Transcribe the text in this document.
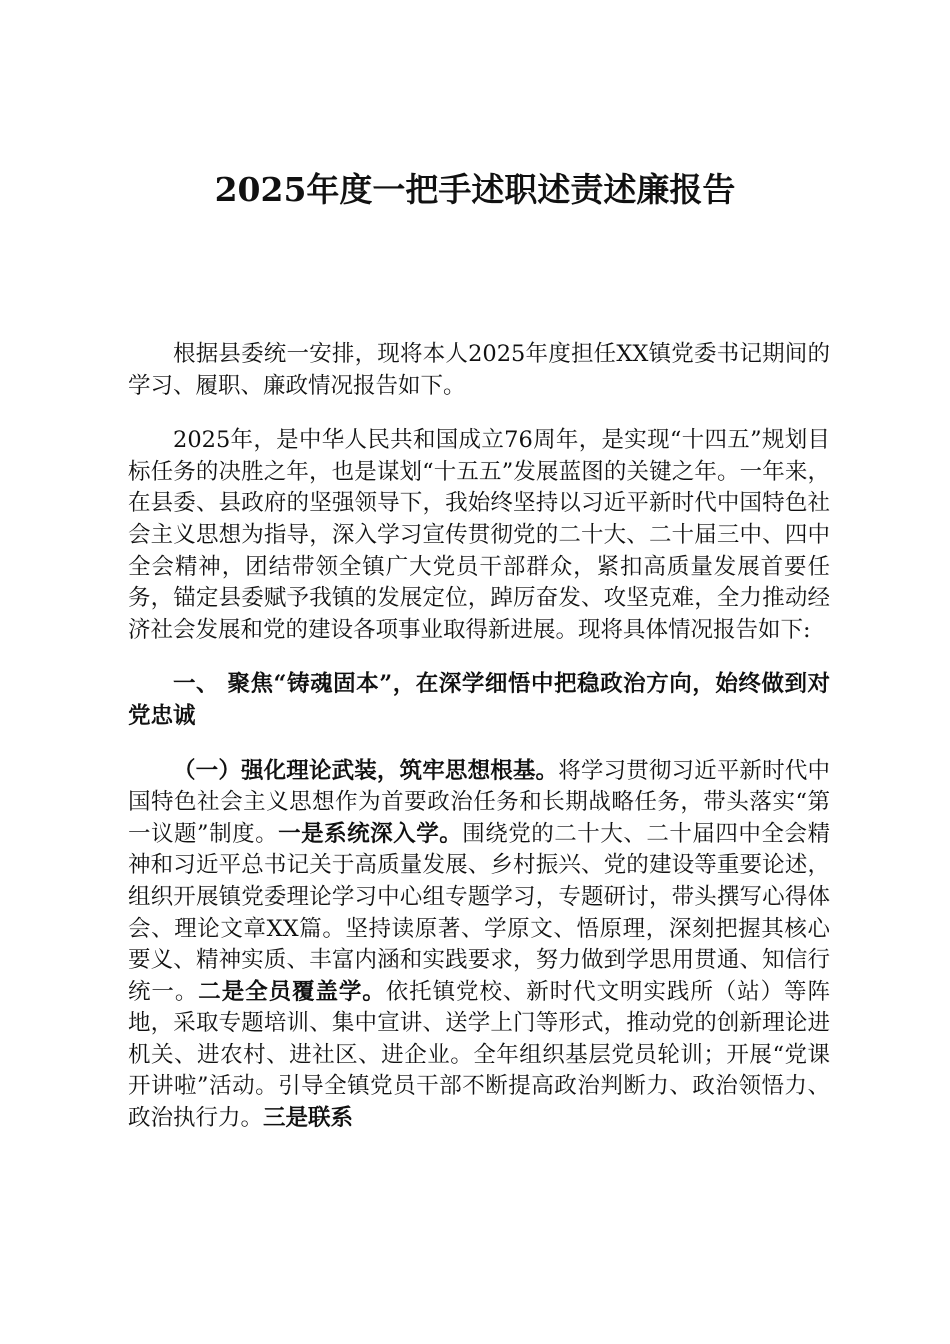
2025年度一把手述职述责述廉报告

根据县委统一安排，现将本人2025年度担任XX镇党委书记期间的学习、履职、廉政情况报告如下。

2025年，是中华人民共和国成立76周年，是实现“十四五”规划目标任务的决胜之年，也是谋划“十五五”发展蓝图的关键之年。一年来，在县委、县政府的坚强领导下，我始终坚持以习近平新时代中国特色社会主义思想为指导，深入学习宣传贯彻党的二十大、二十届三中、四中全会精神，团结带领全镇广大党员干部群众，紧扣高质量发展首要任务，锚定县委赋予我镇的发展定位，踔厉奋发、攻坚克难，全力推动经济社会发展和党的建设各项事业取得新进展。现将具体情况报告如下:

一、 聚焦“铸魂固本”，在深学细悟中把稳政治方向，始终做到对党忠诚

（一）强化理论武装，筑牢思想根基。将学习贯彻习近平新时代中国特色社会主义思想作为首要政治任务和长期战略任务，带头落实“第一议题”制度。一是系统深入学。围绕党的二十大、二十届四中全会精神和习近平总书记关于高质量发展、乡村振兴、党的建设等重要论述，组织开展镇党委理论学习中心组专题学习，专题研讨，带头撰写心得体会、理论文章XX篇。坚持读原著、学原文、悟原理，深刻把握其核心要义、精神实质、丰富内涵和实践要求，努力做到学思用贯通、知信行统一。二是全员覆盖学。依托镇党校、新时代文明实践所（站）等阵地，采取专题培训、集中宣讲、送学上门等形式，推动党的创新理论进机关、进农村、进社区、进企业。全年组织基层党员轮训；开展“党课开讲啦”活动。引导全镇党员干部不断提高政治判断力、政治领悟力、政治执行力。三是联系
